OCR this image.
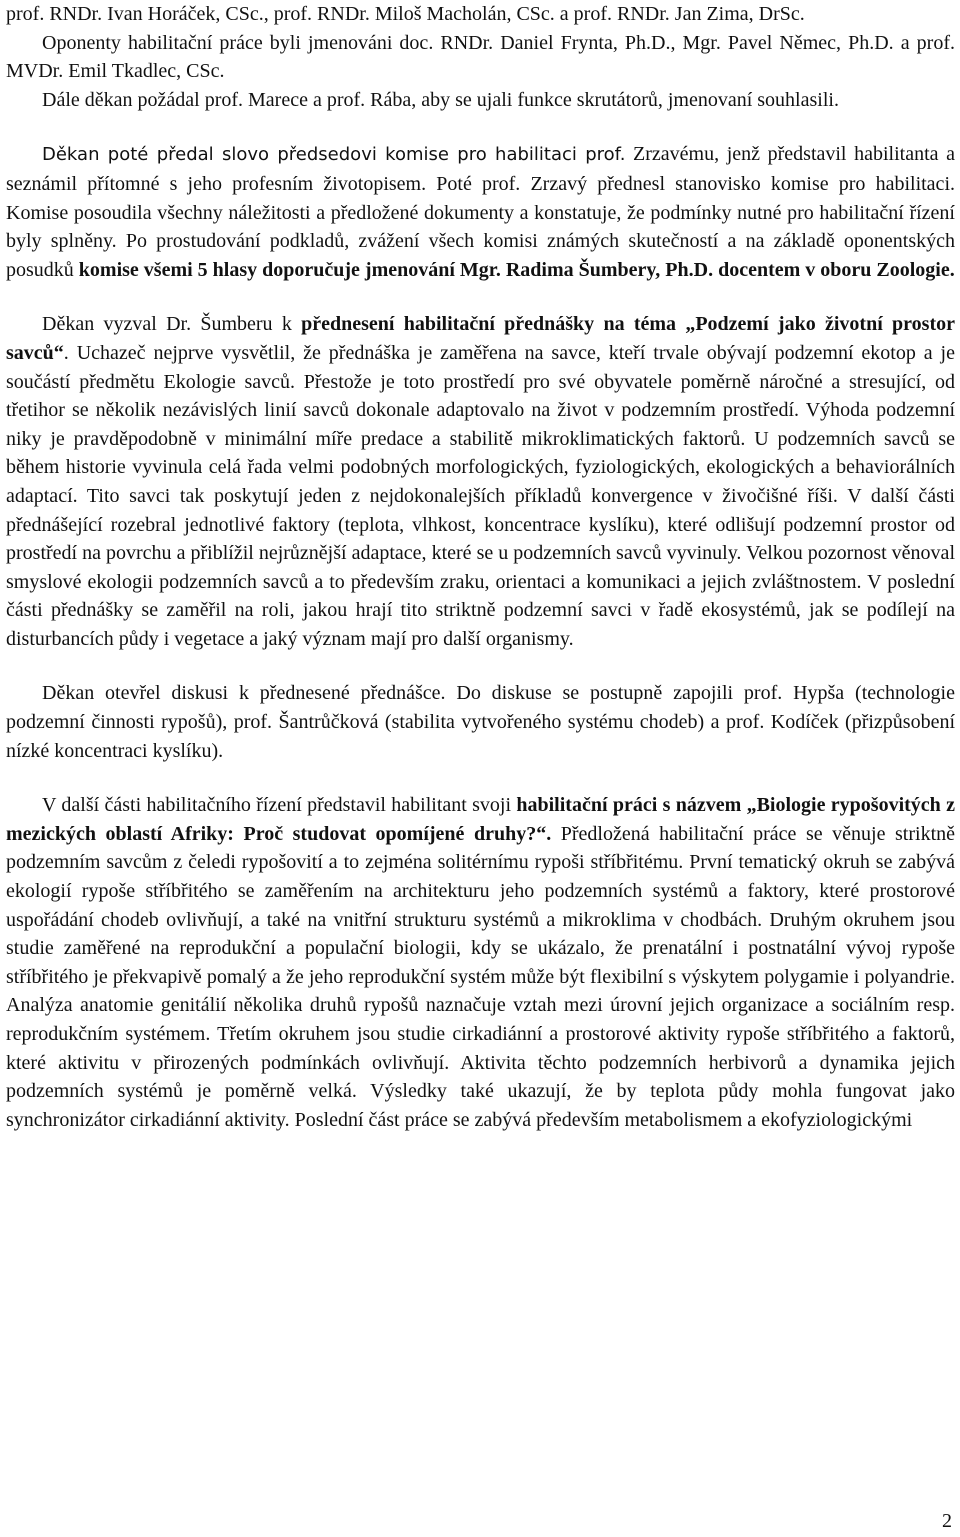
prof. RNDr. Ivan Horáček, CSc., prof. RNDr. Miloš Macholán, CSc. a prof. RNDr. Jan Zima, DrSc.

Oponenty habilitační práce byli jmenováni doc. RNDr. Daniel Frynta, Ph.D., Mgr. Pavel Němec, Ph.D. a prof. MVDr. Emil Tkadlec, CSc.

Dále děkan požádal prof. Marece a prof. Rába, aby se ujali funkce skrutátorů, jmenovaní souhlasili.

Děkan poté předal slovo předsedovi komise pro habilitaci prof. Zrzavému, jenž představil habilitanta a seznámil přítomné s jeho profesním životopisem. Poté prof. Zrzavý přednesl stanovisko komise pro habilitaci. Komise posoudila všechny náležitosti a předložené dokumenty a konstatuje, že podmínky nutné pro habilitační řízení byly splněny. Po prostudování podkladů, zvážení všech komisi známých skutečností a na základě oponentských posudků komise všemi 5 hlasy doporučuje jmenování Mgr. Radima Šumbery, Ph.D. docentem v oboru Zoologie.

Děkan vyzval Dr. Šumberu k přednesení habilitační přednášky na téma „Podzemí jako životní prostor savců“. Uchazeč nejprve vysvětlil, že přednáška je zaměřena na savce, kteří trvale obývají podzemní ekotop a je součástí předmětu Ekologie savců. Přestože je toto prostředí pro své obyvatele poměrně náročné a stresující, od třetihor se několik nezávislých linií savců dokonale adaptovalo na život v podzemním prostředí. Výhoda podzemní niky je pravděpodobně v minimální míře predace a stabilitě mikroklimatických faktorů. U podzemních savců se během historie vyvinula celá řada velmi podobných morfologických, fyziologických, ekologických a behaviorálních adaptací. Tito savci tak poskytují jeden z nejdokonalejších příkladů konvergence v živočišné říši. V další části přednášející rozebral jednotlivé faktory (teplota, vlhkost, koncentrace kyslíku), které odlišují podzemní prostor od prostředí na povrchu a přiblížil nejrůznější adaptace, které se u podzemních savců vyvinuly. Velkou pozornost věnoval smyslové ekologii podzemních savců a to především zraku, orientaci a komunikaci a jejich zvláštnostem. V poslední části přednášky se zaměřil na roli, jakou hrají tito striktně podzemní savci v řadě ekosystémů, jak se podílejí na disturbancích půdy i vegetace a jaký význam mají pro další organismy.

Děkan otevřel diskusi k přednesené přednášce. Do diskuse se postupně zapojili prof. Hypša (technologie podzemní činnosti rypošů), prof. Šantrůčková (stabilita vytvořeného systému chodeb) a prof. Kodíček (přizpůsobení nízké koncentraci kyslíku).

V další části habilitačního řízení představil habilitant svoji habilitační práci s názvem „Biologie rypošovitých z mezických oblastí Afriky: Proč studovat opomíjené druhy?“. Předložená habilitační práce se věnuje striktně podzemním savcům z čeledi rypošovití a to zejména solitérnímu rypoši stříbřitému. První tematický okruh se zabývá ekologií rypoše stříbřitého se zaměřením na architekturu jeho podzemních systémů a faktory, které prostorové uspořádání chodeb ovlivňují, a také na vnitřní strukturu systémů a mikroklima v chodbách. Druhým okruhem jsou studie zaměřené na reprodukční a populační biologii, kdy se ukázalo, že prenatální i postnatální vývoj rypoše stříbřitého je překvapivě pomalý a že jeho reprodukční systém může být flexibilní s výskytem polygamie i polyandrie. Analýza anatomie genitálií několika druhů rypošů naznačuje vztah mezi úrovní jejich organizace a sociálním resp. reprodukčním systémem. Třetím okruhem jsou studie cirkadiánní a prostorové aktivity rypoše stříbřitého a faktorů, které aktivitu v přirozených podmínkách ovlivňují. Aktivita těchto podzemních herbivorů a dynamika jejich podzemních systémů je poměrně velká. Výsledky také ukazují, že by teplota půdy mohla fungovat jako synchronizátor cirkadiánní aktivity. Poslední část práce se zabývá především metabolismem a ekofyziologickými

2
